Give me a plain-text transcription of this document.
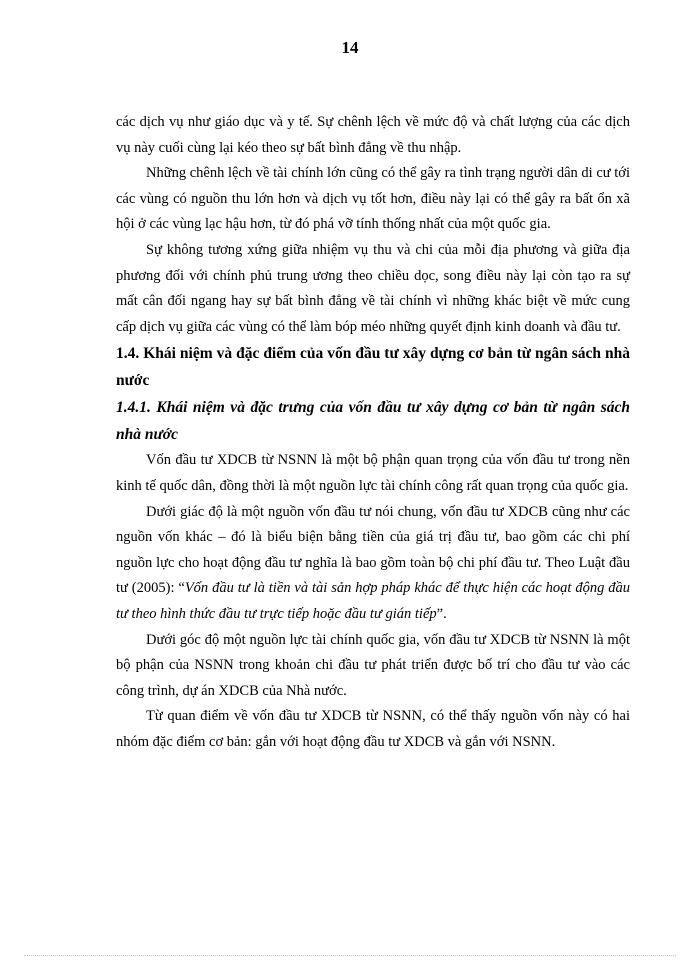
14

các dịch vụ như giáo dục và y tế. Sự chênh lệch về mức độ và chất lượng của các dịch vụ này cuối cùng lại kéo theo sự bất bình đẳng về thu nhập.

Những chênh lệch về tài chính lớn cũng có thể gây ra tình trạng người dân di cư tới các vùng có nguồn thu lớn hơn và dịch vụ tốt hơn, điều này lại có thể gây ra bất ổn xã hội ở các vùng lạc hậu hơn, từ đó phá vỡ tính thống nhất của một quốc gia.

Sự không tương xứng giữa nhiệm vụ thu và chi của mỗi địa phương và giữa địa phương đối với chính phủ trung ương theo chiều dọc, song điều này lại còn tạo ra sự mất cân đối ngang hay sự bất bình đẳng về tài chính vì những khác biệt về mức cung cấp dịch vụ giữa các vùng có thể làm bóp méo những quyết định kinh doanh và đầu tư.

1.4. Khái niệm và đặc điểm của vốn đầu tư xây dựng cơ bản từ ngân sách nhà nước

1.4.1. Khái niệm và đặc trưng của vốn đầu tư xây dựng cơ bản từ ngân sách nhà nước

Vốn đầu tư XDCB từ NSNN là một bộ phận quan trọng của vốn đầu tư trong nền kinh tế quốc dân, đồng thời là một nguồn lực tài chính công rất quan trọng của quốc gia.

Dưới giác độ là một nguồn vốn đầu tư nói chung, vốn đầu tư XDCB cũng như các nguồn vốn khác – đó là biểu biện bằng tiền của giá trị đầu tư, bao gồm các chi phí nguồn lực cho hoạt động đầu tư nghĩa là bao gồm toàn bộ chi phí đầu tư. Theo Luật đầu tư (2005): “Vốn đầu tư là tiền và tài sản hợp pháp khác để thực hiện các hoạt động đầu tư theo hình thức đầu tư trực tiếp hoặc đầu tư gián tiếp”.

Dưới góc độ một nguồn lực tài chính quốc gia, vốn đầu tư XDCB từ NSNN là một bộ phận của NSNN trong khoản chi đầu tư phát triển được bố trí cho đầu tư vào các công trình, dự án XDCB của Nhà nước.

Từ quan điểm về vốn đầu tư XDCB từ NSNN, có thể thấy nguồn vốn này có hai nhóm đặc điểm cơ bản: gắn với hoạt động đầu tư XDCB và gắn với NSNN.
